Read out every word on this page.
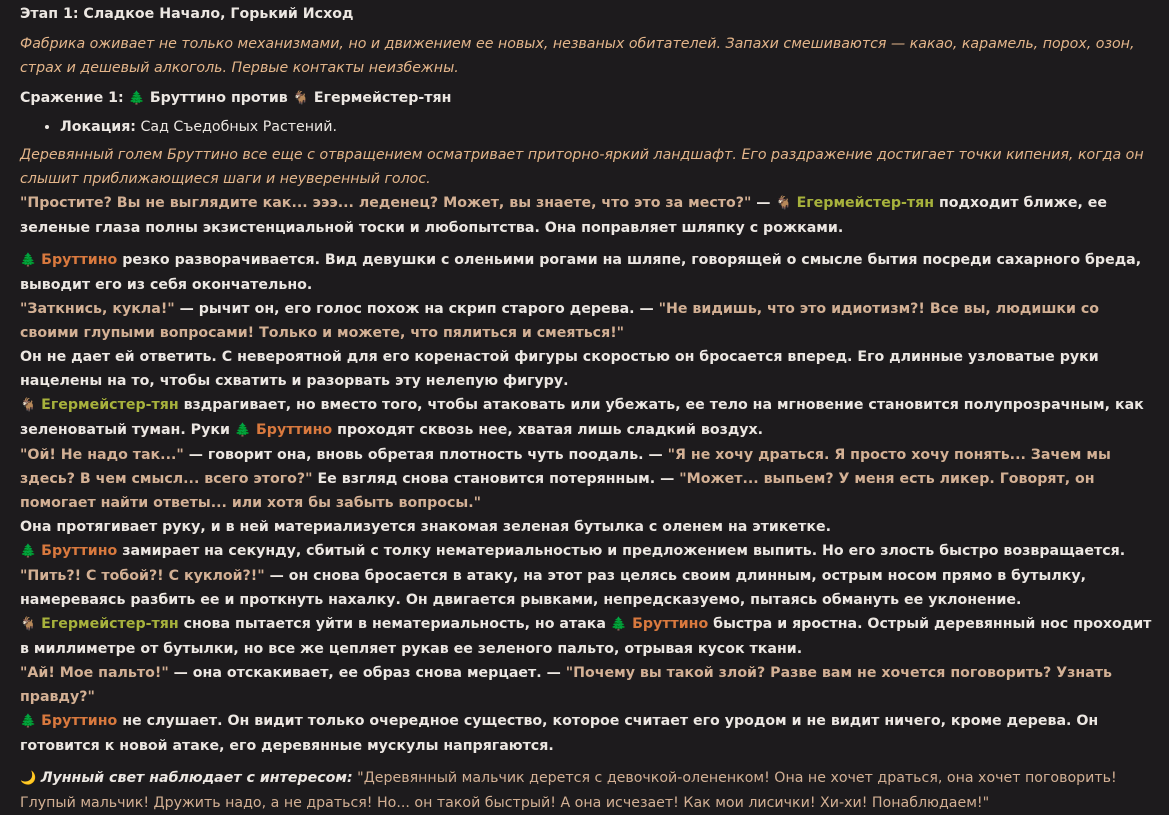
Этап 1: Сладкое Начало, Горький Исход

Фабрика оживает не только механизмами, но и движением ее новых, незваных обитателей. Запахи смешиваются — какао, карамель, порох, озон, страх и дешевый алкоголь. Первые контакты неизбежны.

Сражение 1: 🌲 Бруттино против 🐐 Егермейстер-тян
• Локация: Сад Съедобных Растений.

Деревянный голем Бруттино все еще с отвращением осматривает приторно-яркий ландшафт. Его раздражение достигает точки кипения, когда он слышит приближающиеся шаги и неуверенный голос.

"Простите? Вы не выглядите как... эээ... леденец? Может, вы знаете, что это за место?" — 🐐 Егермейстер-тян подходит ближе, ее зеленые глаза полны экзистенциальной тоски и любопытства. Она поправляет шляпку с рожками.

🌲 Бруттино резко разворачивается. Вид девушки с оленьими рогами на шляпе, говорящей о смысле бытия посреди сахарного бреда, выводит его из себя окончательно.

"Заткнись, кукла!" — рычит он, его голос похож на скрип старого дерева. — "Не видишь, что это идиотизм?! Все вы, людишки со своими глупыми вопросами! Только и можете, что пялиться и смеяться!"

Он не дает ей ответить. С невероятной для его коренастой фигуры скоростью он бросается вперед. Его длинные узловатые руки нацелены на то, чтобы схватить и разорвать эту нелепую фигуру.

🐐 Егермейстер-тян вздрагивает, но вместо того, чтобы атаковать или убежать, ее тело на мгновение становится полупрозрачным, как зеленоватый туман. Руки 🌲 Бруттино проходят сквозь нее, хватая лишь сладкий воздух.

"Ой! Не надо так..." — говорит она, вновь обретая плотность чуть поодаль. — "Я не хочу драться. Я просто хочу понять... Зачем мы здесь? В чем смысл... всего этого?" Ее взгляд снова становится потерянным. — "Может... выпьем? У меня есть ликер. Говорят, он помогает найти ответы... или хотя бы забыть вопросы."

Она протягивает руку, и в ней материализуется знакомая зеленая бутылка с оленем на этикетке.

🌲 Бруттино замирает на секунду, сбитый с толку нематериальностью и предложением выпить. Но его злость быстро возвращается.

"Пить?! С тобой?! С куклой?!" — он снова бросается в атаку, на этот раз целясь своим длинным, острым носом прямо в бутылку, намереваясь разбить ее и проткнуть нахалку. Он двигается рывками, непредсказуемо, пытаясь обмануть ее уклонение.

🐐 Егермейстер-тян снова пытается уйти в нематериальность, но атака 🌲 Бруттино быстра и яростна. Острый деревянный нос проходит в миллиметре от бутылки, но все же цепляет рукав ее зеленого пальто, отрывая кусок ткани.

"Ай! Мое пальто!" — она отскакивает, ее образ снова мерцает. — "Почему вы такой злой? Разве вам не хочется поговорить? Узнать правду?"

🌲 Бруттино не слушает. Он видит только очередное существо, которое считает его уродом и не видит ничего, кроме дерева. Он готовится к новой атаке, его деревянные мускулы напрягаются.

🌙 Лунный свет наблюдает с интересом: "Деревянный мальчик дерется с девочкой-олененком! Она не хочет драться, она хочет поговорить! Глупый мальчик! Дружить надо, а не драться! Но... он такой быстрый! А она исчезает! Как мои лисички! Хи-хи! Понаблюдаем!"
